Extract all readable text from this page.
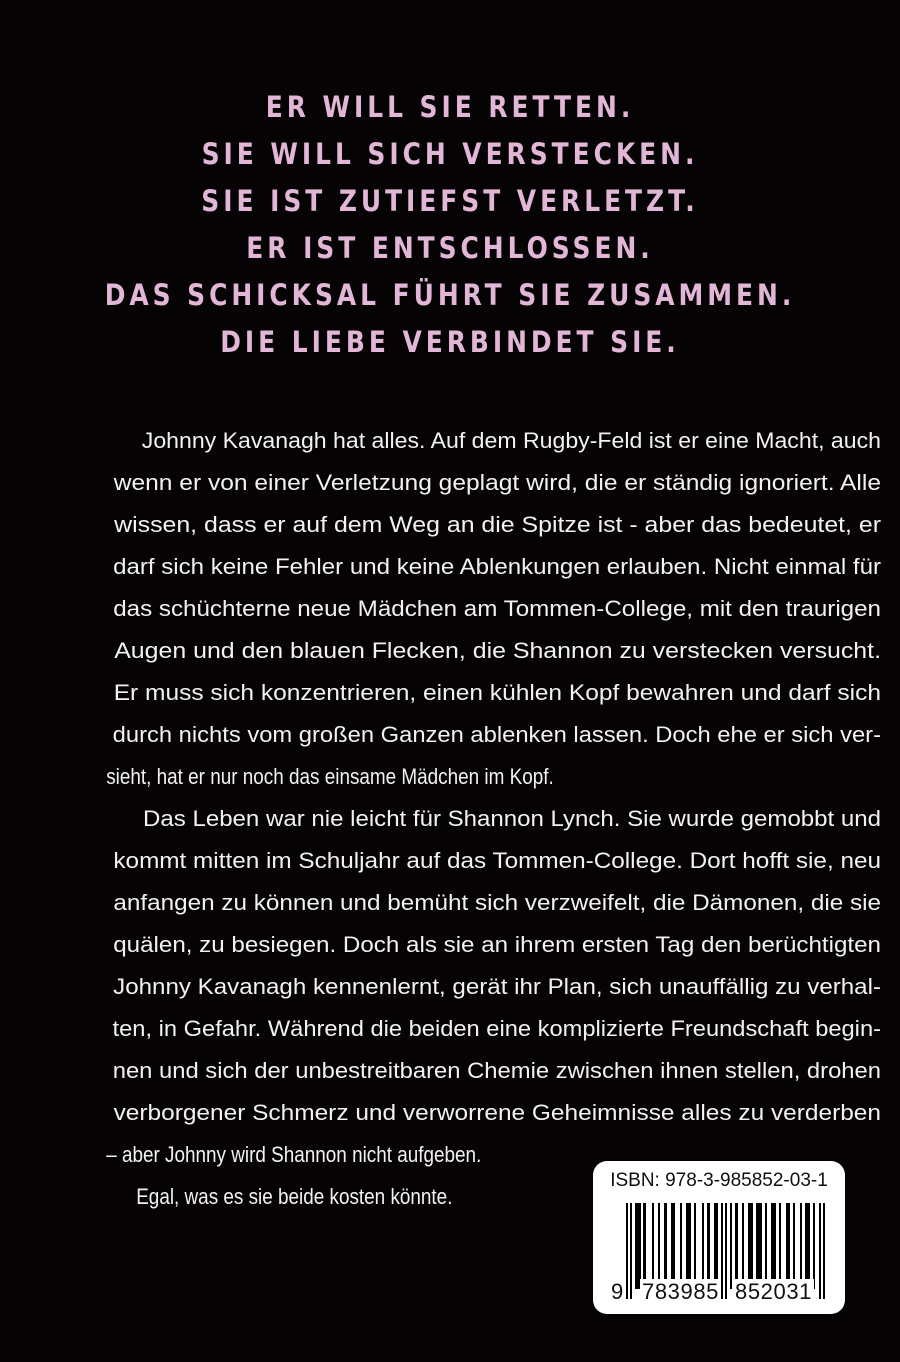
ER WILL SIE RETTEN.
SIE WILL SICH VERSTECKEN.
SIE IST ZUTIEFST VERLETZT.
ER IST ENTSCHLOSSEN.
DAS SCHICKSAL FÜHRT SIE ZUSAMMEN.
DIE LIEBE VERBINDET SIE.
Johnny Kavanagh hat alles. Auf dem Rugby-Feld ist er eine Macht, auch
wenn er von einer Verletzung geplagt wird, die er ständig ignoriert. Alle
wissen, dass er auf dem Weg an die Spitze ist - aber das bedeutet, er
darf sich keine Fehler und keine Ablenkungen erlauben. Nicht einmal für
das schüchterne neue Mädchen am Tommen-College, mit den traurigen
Augen und den blauen Flecken, die Shannon zu verstecken versucht.
Er muss sich konzentrieren, einen kühlen Kopf bewahren und darf sich
durch nichts vom großen Ganzen ablenken lassen. Doch ehe er sich ver-
sieht, hat er nur noch das einsame Mädchen im Kopf.
Das Leben war nie leicht für Shannon Lynch. Sie wurde gemobbt und
kommt mitten im Schuljahr auf das Tommen-College. Dort hofft sie, neu
anfangen zu können und bemüht sich verzweifelt, die Dämonen, die sie
quälen, zu besiegen. Doch als sie an ihrem ersten Tag den berüchtigten
Johnny Kavanagh kennenlernt, gerät ihr Plan, sich unauffällig zu verhal-
ten, in Gefahr. Während die beiden eine komplizierte Freundschaft begin-
nen und sich der unbestreitbaren Chemie zwischen ihnen stellen, drohen
verborgener Schmerz und verworrene Geheimnisse alles zu verderben
– aber Johnny wird Shannon nicht aufgeben.
Egal, was es sie beide kosten könnte.
ISBN: 978-3-985852-03-1
9 783985 852031
